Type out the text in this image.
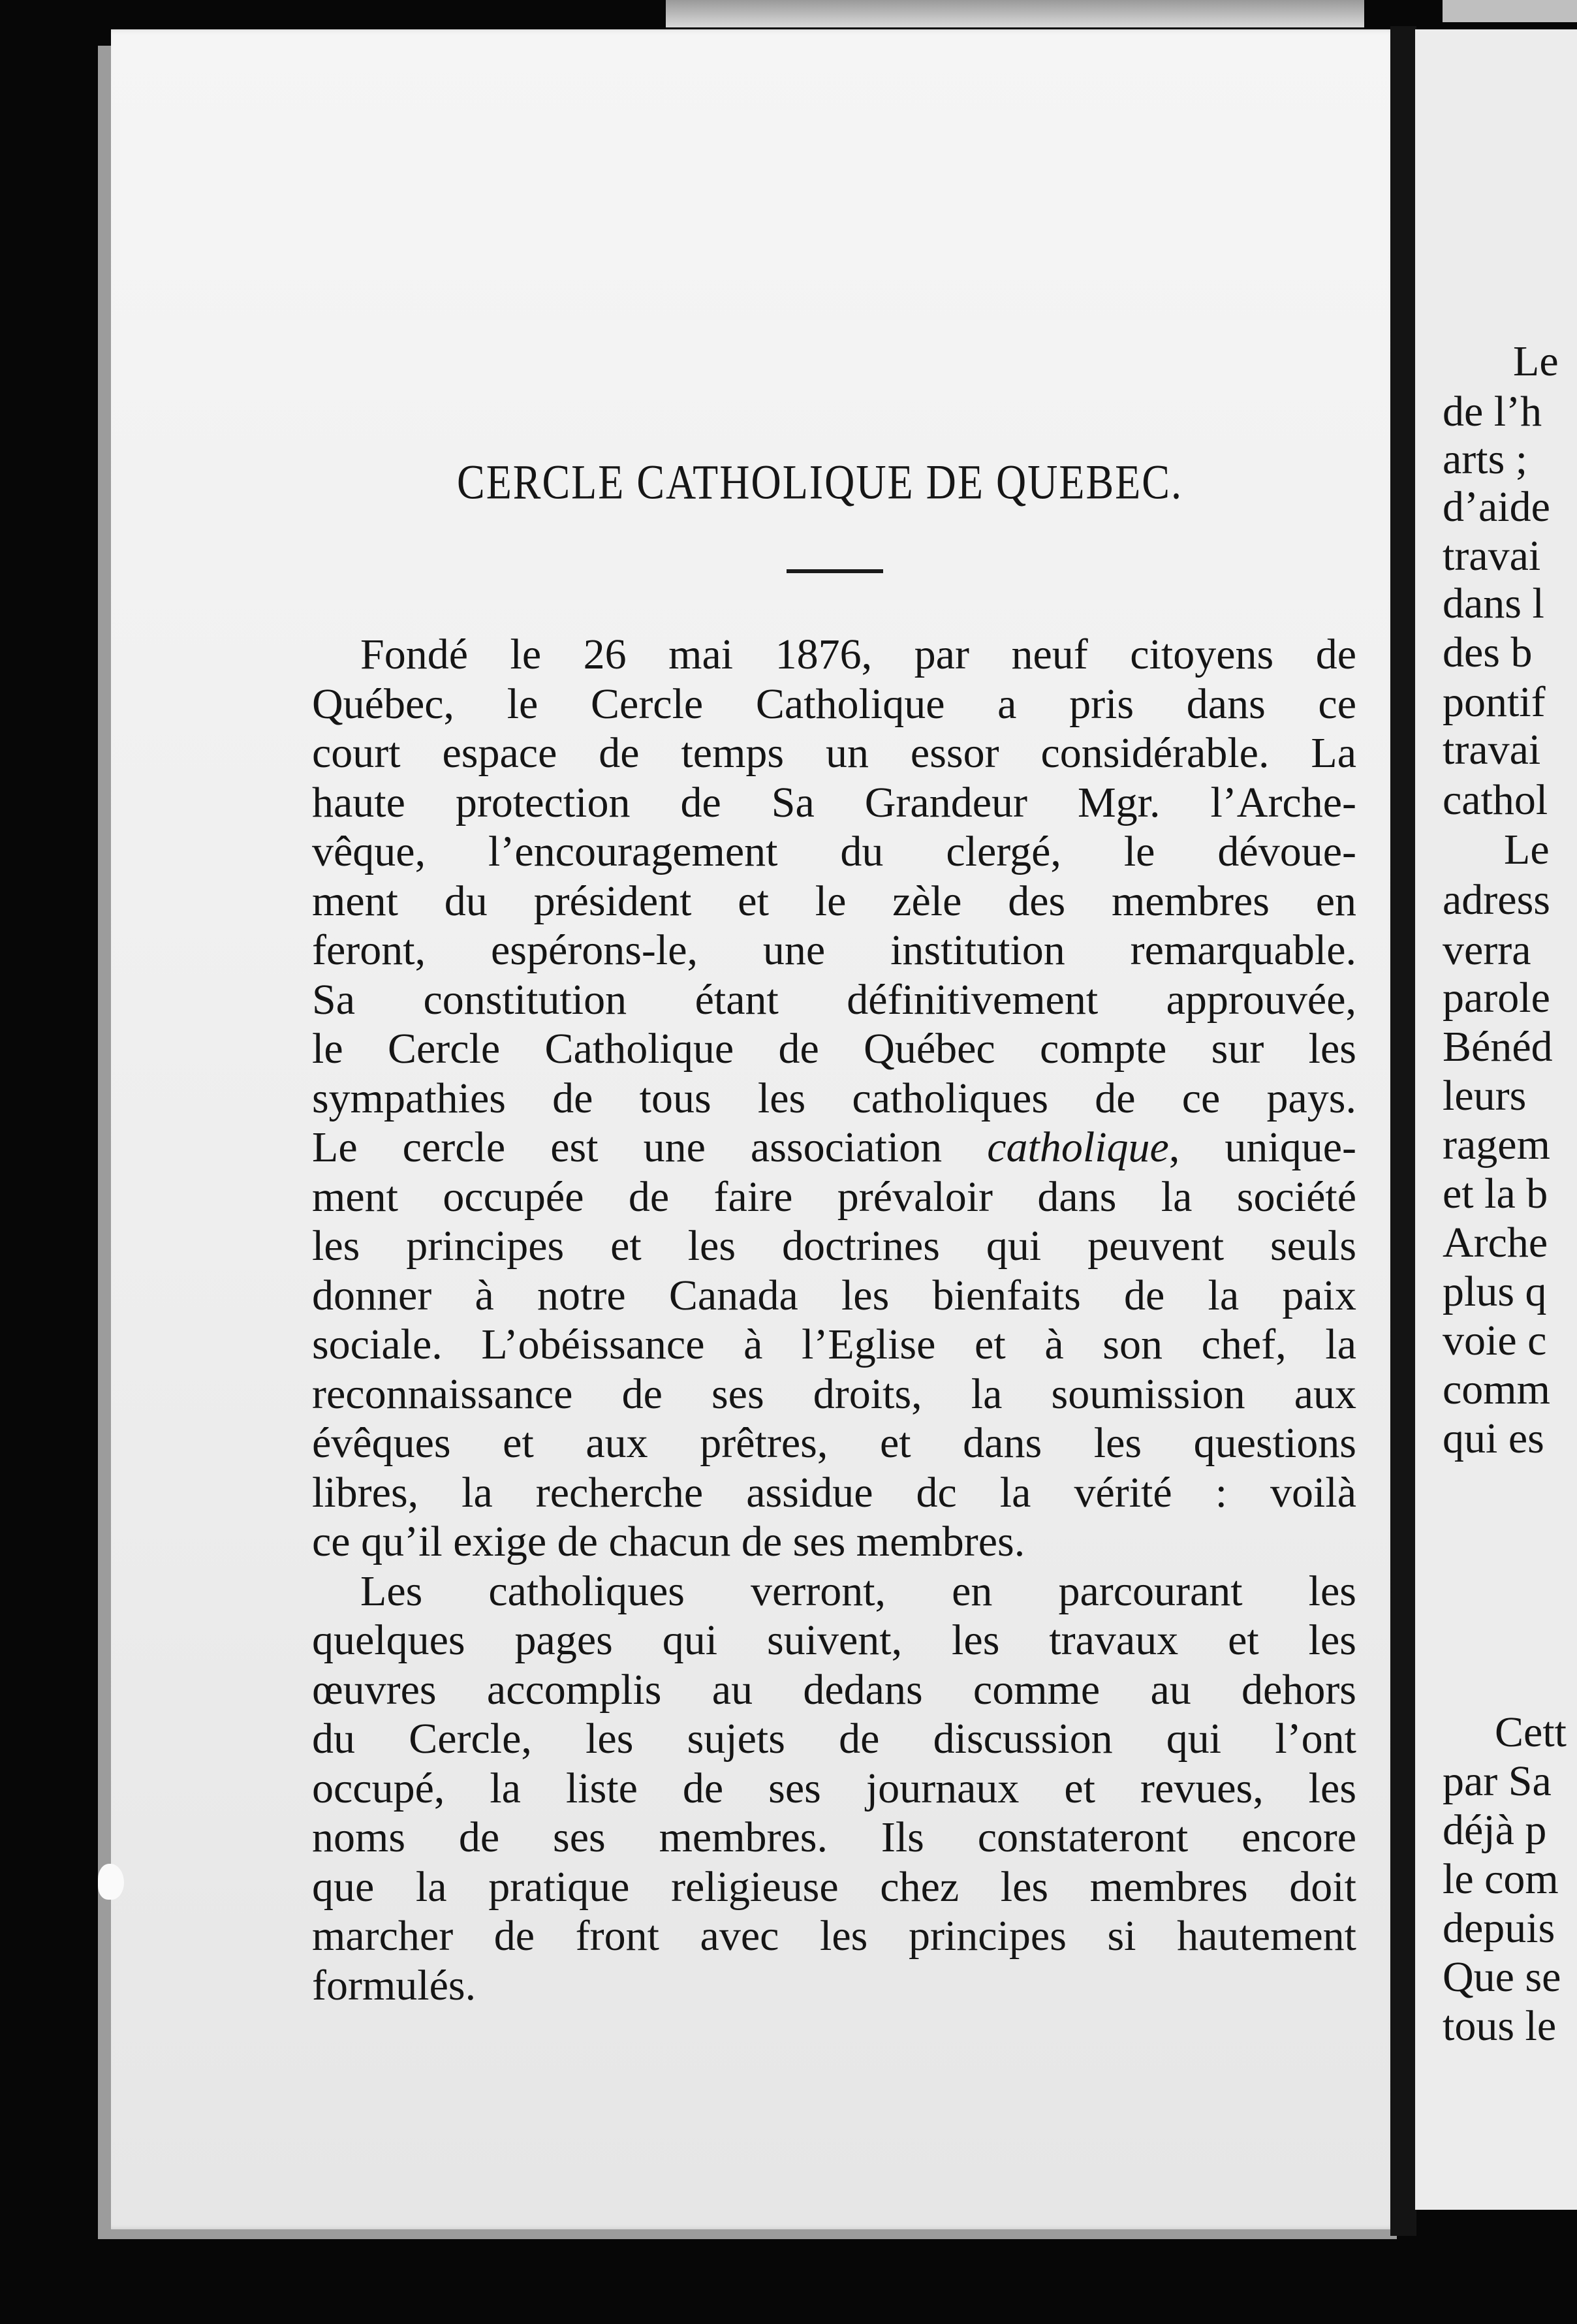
CERCLE CATHOLIQUE DE QUEBEC.
Fondé le 26 mai 1876, par neuf citoyens de
Québec, le Cercle Catholique a pris dans ce
court espace de temps un essor considérable. La
haute protection de Sa Grandeur Mgr. l’Arche-
vêque, l’encouragement du clergé, le dévoue-
ment du président et le zèle des membres en
feront, espérons-le, une institution remarquable.
Sa constitution étant définitivement approuvée,
le Cercle Catholique de Québec compte sur les
sympathies de tous les catholiques de ce pays.
Le cercle est une association catholique, unique-
ment occupée de faire prévaloir dans la société
les principes et les doctrines qui peuvent seuls
donner à notre Canada les bienfaits de la paix
sociale. L’obéissance à l’Eglise et à son chef, la
reconnaissance de ses droits, la soumission aux
évêques et aux prêtres, et dans les questions
libres, la recherche assidue dc la vérité : voilà
ce qu’il exige de chacun de ses membres.
Les catholiques verront, en parcourant les
quelques pages qui suivent, les travaux et les
œuvres accomplis au dedans comme au dehors
du Cercle, les sujets de discussion qui l’ont
occupé, la liste de ses journaux et revues, les
noms de ses membres. Ils constateront encore
que la pratique religieuse chez les membres doit
marcher de front avec les principes si hautement
formulés.
Le
de l’h
arts ;
d’aide
travai
dans l
des b
pontif
travai
cathol
Le
adress
verra
parole
Bénéd
leurs
ragem
et la b
Arche
plus q
voie c
comm
qui es
Cett
par Sa
déjà p
le com
depuis
Que se
tous le
